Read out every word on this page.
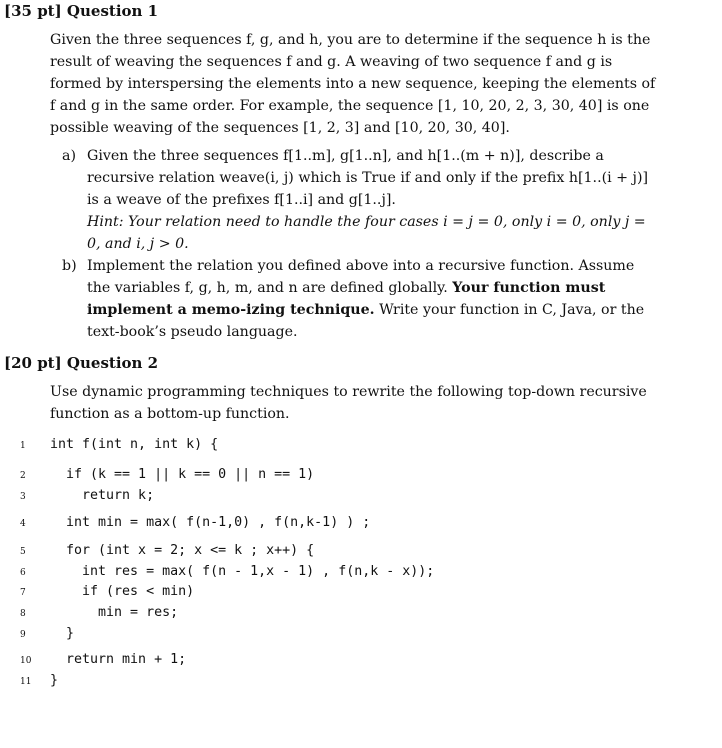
[35 pt] Question 1

Given the three sequences f, g, and h, you are to determine if the sequence h is the result of weaving the sequences f and g. A weaving of two sequence f and g is formed by interspersing the elements into a new sequence, keeping the elements of f and g in the same order. For example, the sequence [1, 10, 20, 2, 3, 30, 40] is one possible weaving of the sequences [1, 2, 3] and [10, 20, 30, 40].

a) Given the three sequences f[1..m], g[1..n], and h[1..(m + n)], describe a recursive relation weave(i, j) which is True if and only if the prefix h[1..(i + j)] is a weave of the prefixes f[1..i] and g[1..j].
Hint: Your relation need to handle the four cases i = j = 0, only i = 0, only j = 0, and i, j > 0.
b) Implement the relation you defined above into a recursive function. Assume the variables f, g, h, m, and n are defined globally. Your function must implement a memo-izing technique. Write your function in C, Java, or the text-book’s pseudo language.
[20 pt] Question 2

Use dynamic programming techniques to rewrite the following top-down recursive function as a bottom-up function.

1

	int f(int n, int k) {

2

	if (k == 1 || k == 0 || n == 1)

3

	return k;

4

	int min = max( f(n-1,0) , f(n,k-1) ) ;

5

	for (int x = 2; x <= k ; x++) {

6

	int res = max( f(n - 1,x - 1) , f(n,k - x));

7

	if (res < min)

8

	min = res;

9

	}

10

	return min + 1;

11

	}
